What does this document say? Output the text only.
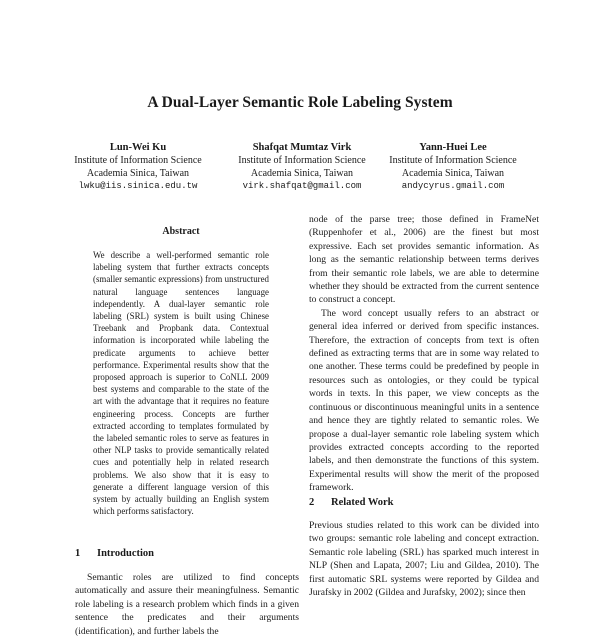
A Dual-Layer Semantic Role Labeling System
Lun-Wei Ku
Institute of Information Science
Academia Sinica, Taiwan
lwku@iis.sinica.edu.tw
Shafqat Mumtaz Virk
Institute of Information Science
Academia Sinica, Taiwan
virk.shafqat@gmail.com
Yann-Huei Lee
Institute of Information Science
Academia Sinica, Taiwan
andycyrus.gmail.com
Abstract

We describe a well-performed semantic role labeling system that further extracts concepts (smaller semantic expressions) from unstructured natural language sentences language independently. A dual-layer semantic role labeling (SRL) system is built using Chinese Treebank and Propbank data. Contextual information is incorporated while labeling the predicate arguments to achieve better performance. Experimental results show that the proposed approach is superior to CoNLL 2009 best systems and comparable to the state of the art with the advantage that it requires no feature engineering process. Concepts are further extracted according to templates formulated by the labeled semantic roles to serve as features in other NLP tasks to provide semantically related cues and potentially help in related research problems. We also show that it is easy to generate a different language version of this system by actually building an English system which performs satisfactory.

1 Introduction

Semantic roles are utilized to find concepts automatically and assure their meaningfulness. Semantic role labeling is a research problem which finds in a given sentence the predicates and their arguments (identification), and further labels the

node of the parse tree; those defined in FrameNet (Ruppenhofer et al., 2006) are the finest but most expressive. Each set provides semantic information. As long as the semantic relationship between terms derives from their semantic role labels, we are able to determine whether they should be extracted from the current sentence to construct a concept.

The word concept usually refers to an abstract or general idea inferred or derived from specific instances. Therefore, the extraction of concepts from text is often defined as extracting terms that are in some way related to one another. These terms could be predefined by people in resources such as ontologies, or they could be typical words in texts. In this paper, we view concepts as the continuous or discontinuous meaningful units in a sentence and hence they are tightly related to semantic roles. We propose a dual-layer semantic role labeling system which provides extracted concepts according to the reported labels, and then demonstrate the functions of this system. Experimental results will show the merit of the proposed framework.

2 Related Work

Previous studies related to this work can be divided into two groups: semantic role labeling and concept extraction. Semantic role labeling (SRL) has sparked much interest in NLP (Shen and Lapata, 2007; Liu and Gildea, 2010). The first automatic SRL systems were reported by Gildea and Jurafsky in 2002 (Gildea and Jurafsky, 2002); since then
